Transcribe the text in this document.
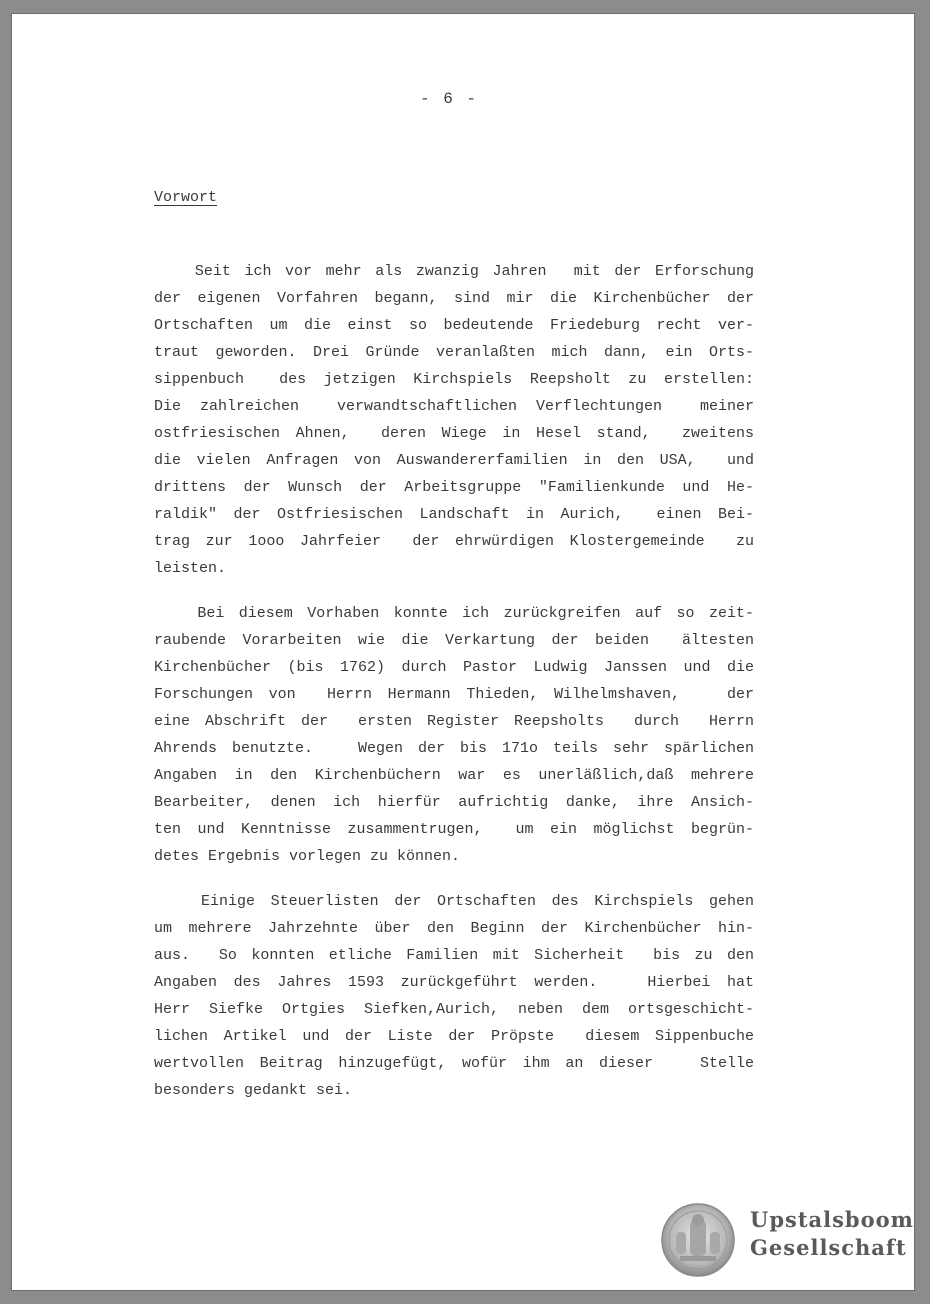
- 6 -
Vorwort
Seit ich vor mehr als zwanzig Jahren  mit der Erforschung
der eigenen Vorfahren begann, sind mir die Kirchenbücher der
Ortschaften um die einst so bedeutende Friedeburg recht ver-
traut geworden. Drei Gründe veranlaßten mich dann, ein Orts-
sippenbuch  des jetzigen Kirchspiels Reepsholt zu erstellen:
Die zahlreichen  verwandtschaftlichen Verflechtungen  meiner
ostfriesischen Ahnen,  deren Wiege in Hesel stand,  zweitens
die vielen Anfragen von Auswandererfamilien in den USA,  und
drittens der Wunsch der Arbeitsgruppe "Familienkunde und He-
raldik" der Ostfriesischen Landschaft in Aurich,  einen Bei-
trag zur 1ooo Jahrfeier  der ehrwürdigen Klostergemeinde  zu
leisten.
Bei diesem Vorhaben konnte ich zurückgreifen auf so zeit-
raubende Vorarbeiten wie die Verkartung der beiden  ältesten
Kirchenbücher (bis 1762) durch Pastor Ludwig Janssen und die
Forschungen von  Herrn Hermann Thieden, Wilhelmshaven,   der
eine Abschrift der  ersten Register Reepsholts  durch  Herrn
Ahrends benutzte.   Wegen der bis 171o teils sehr spärlichen
Angaben in den Kirchenbüchern war es unerläßlich,daß mehrere
Bearbeiter, denen ich hierfür aufrichtig danke, ihre Ansich-
ten und Kenntnisse zusammentrugen,  um ein möglichst begrün-
detes Ergebnis vorlegen zu können.
Einige Steuerlisten der Ortschaften des Kirchspiels gehen
um mehrere Jahrzehnte über den Beginn der Kirchenbücher hin-
aus.  So konnten etliche Familien mit Sicherheit  bis zu den
Angaben des Jahres 1593 zurückgeführt werden.   Hierbei hat
Herr Siefke Ortgies Siefken,Aurich, neben dem ortsgeschicht-
lichen Artikel und der Liste der Pröpste  diesem Sippenbuche
wertvollen Beitrag hinzugefügt, wofür ihm an dieser   Stelle
besonders gedankt sei.
Upstalsboom
Gesellschaft
